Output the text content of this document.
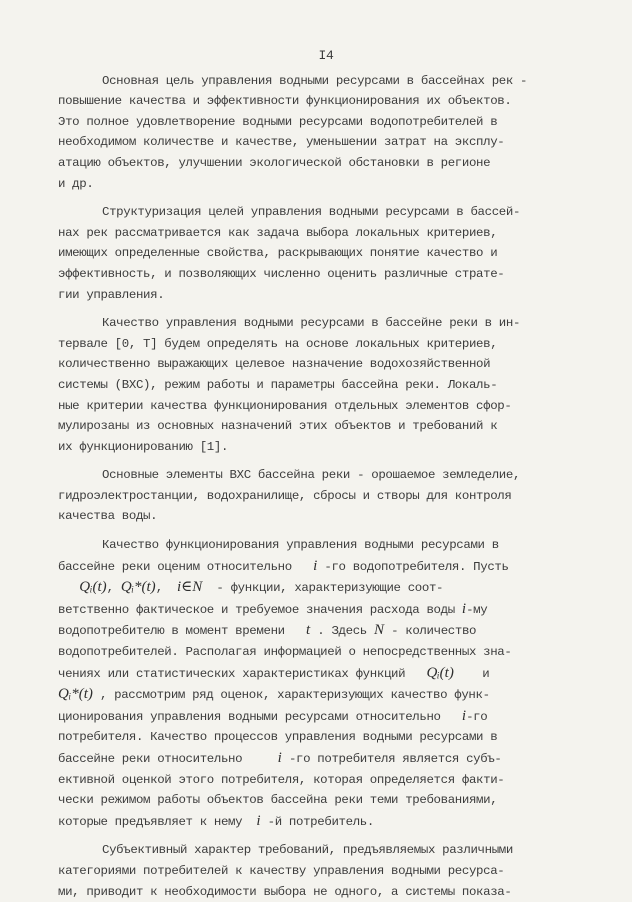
I4
Основная цель управления водными ресурсами в бассейнах рек -
повышение качества и эффективности функционирования их объектов.
Это полное удовлетворение водными ресурсами водопотребителей в
необходимом количестве и качестве, уменьшении затрат на эксплу-
атацию объектов, улучшении экологической обстановки в регионе
и др.
Структуризация целей управления водными ресурсами в бассей-
нах рек рассматривается как задача выбора локальных критериев,
имеющих определенные свойства, раскрывающих понятие качество и
эффективность, и позволяющих численно оценить различные страте-
гии управления.
Качество управления водными ресурсами в бассейне реки в ин-
тервале [0, T] будем определять на основе локальных критериев,
количественно выражающих целевое назначение водохозяйственной
системы (ВХС), режим работы и параметры бассейна реки. Локаль-
ные критерии качества функционирования отдельных элементов сфор-
мулирозаны из основных назначений этих объектов и требований к
их функционированию [1].
Основные элементы ВХС бассейна реки - орошаемое земледелие,
гидроэлектростанции, водохранилище, сбросы и створы для контроля
качества воды.
Качество функционирования управления водными ресурсами в
бассейне реки оценим относительно i -го водопотребителя. Пусть
Qᵢ(t), Qᵢ*(t),  i∈N  - функции, характеризующие соот-
ветственно фактическое и требуемое значения расхода воды i-му
водопотребителю в момент времени t . Здесь N - количество
водопотребителей. Располагая информацией о непосредственных зна-
чениях или статистических характеристиках функций Qᵢ(t) и
Qᵢ*(t) , рассмотрим ряд оценок, характеризующих качество функ-
ционирования управления водными ресурсами относительно i-го
потребителя. Качество процессов управления водными ресурсами в
бассейне реки относительно i -го потребителя является субъ-
ективной оценкой этого потребителя, которая определяется факти-
чески режимом работы объектов бассейна реки теми требованиями,
которые предъявляет к нему i -й потребитель.
Субъективный характер требований, предъявляемых различными
категориями потребителей к качеству управления водными ресурса-
ми, приводит к необходимости выбора не одного, а системы показа-
